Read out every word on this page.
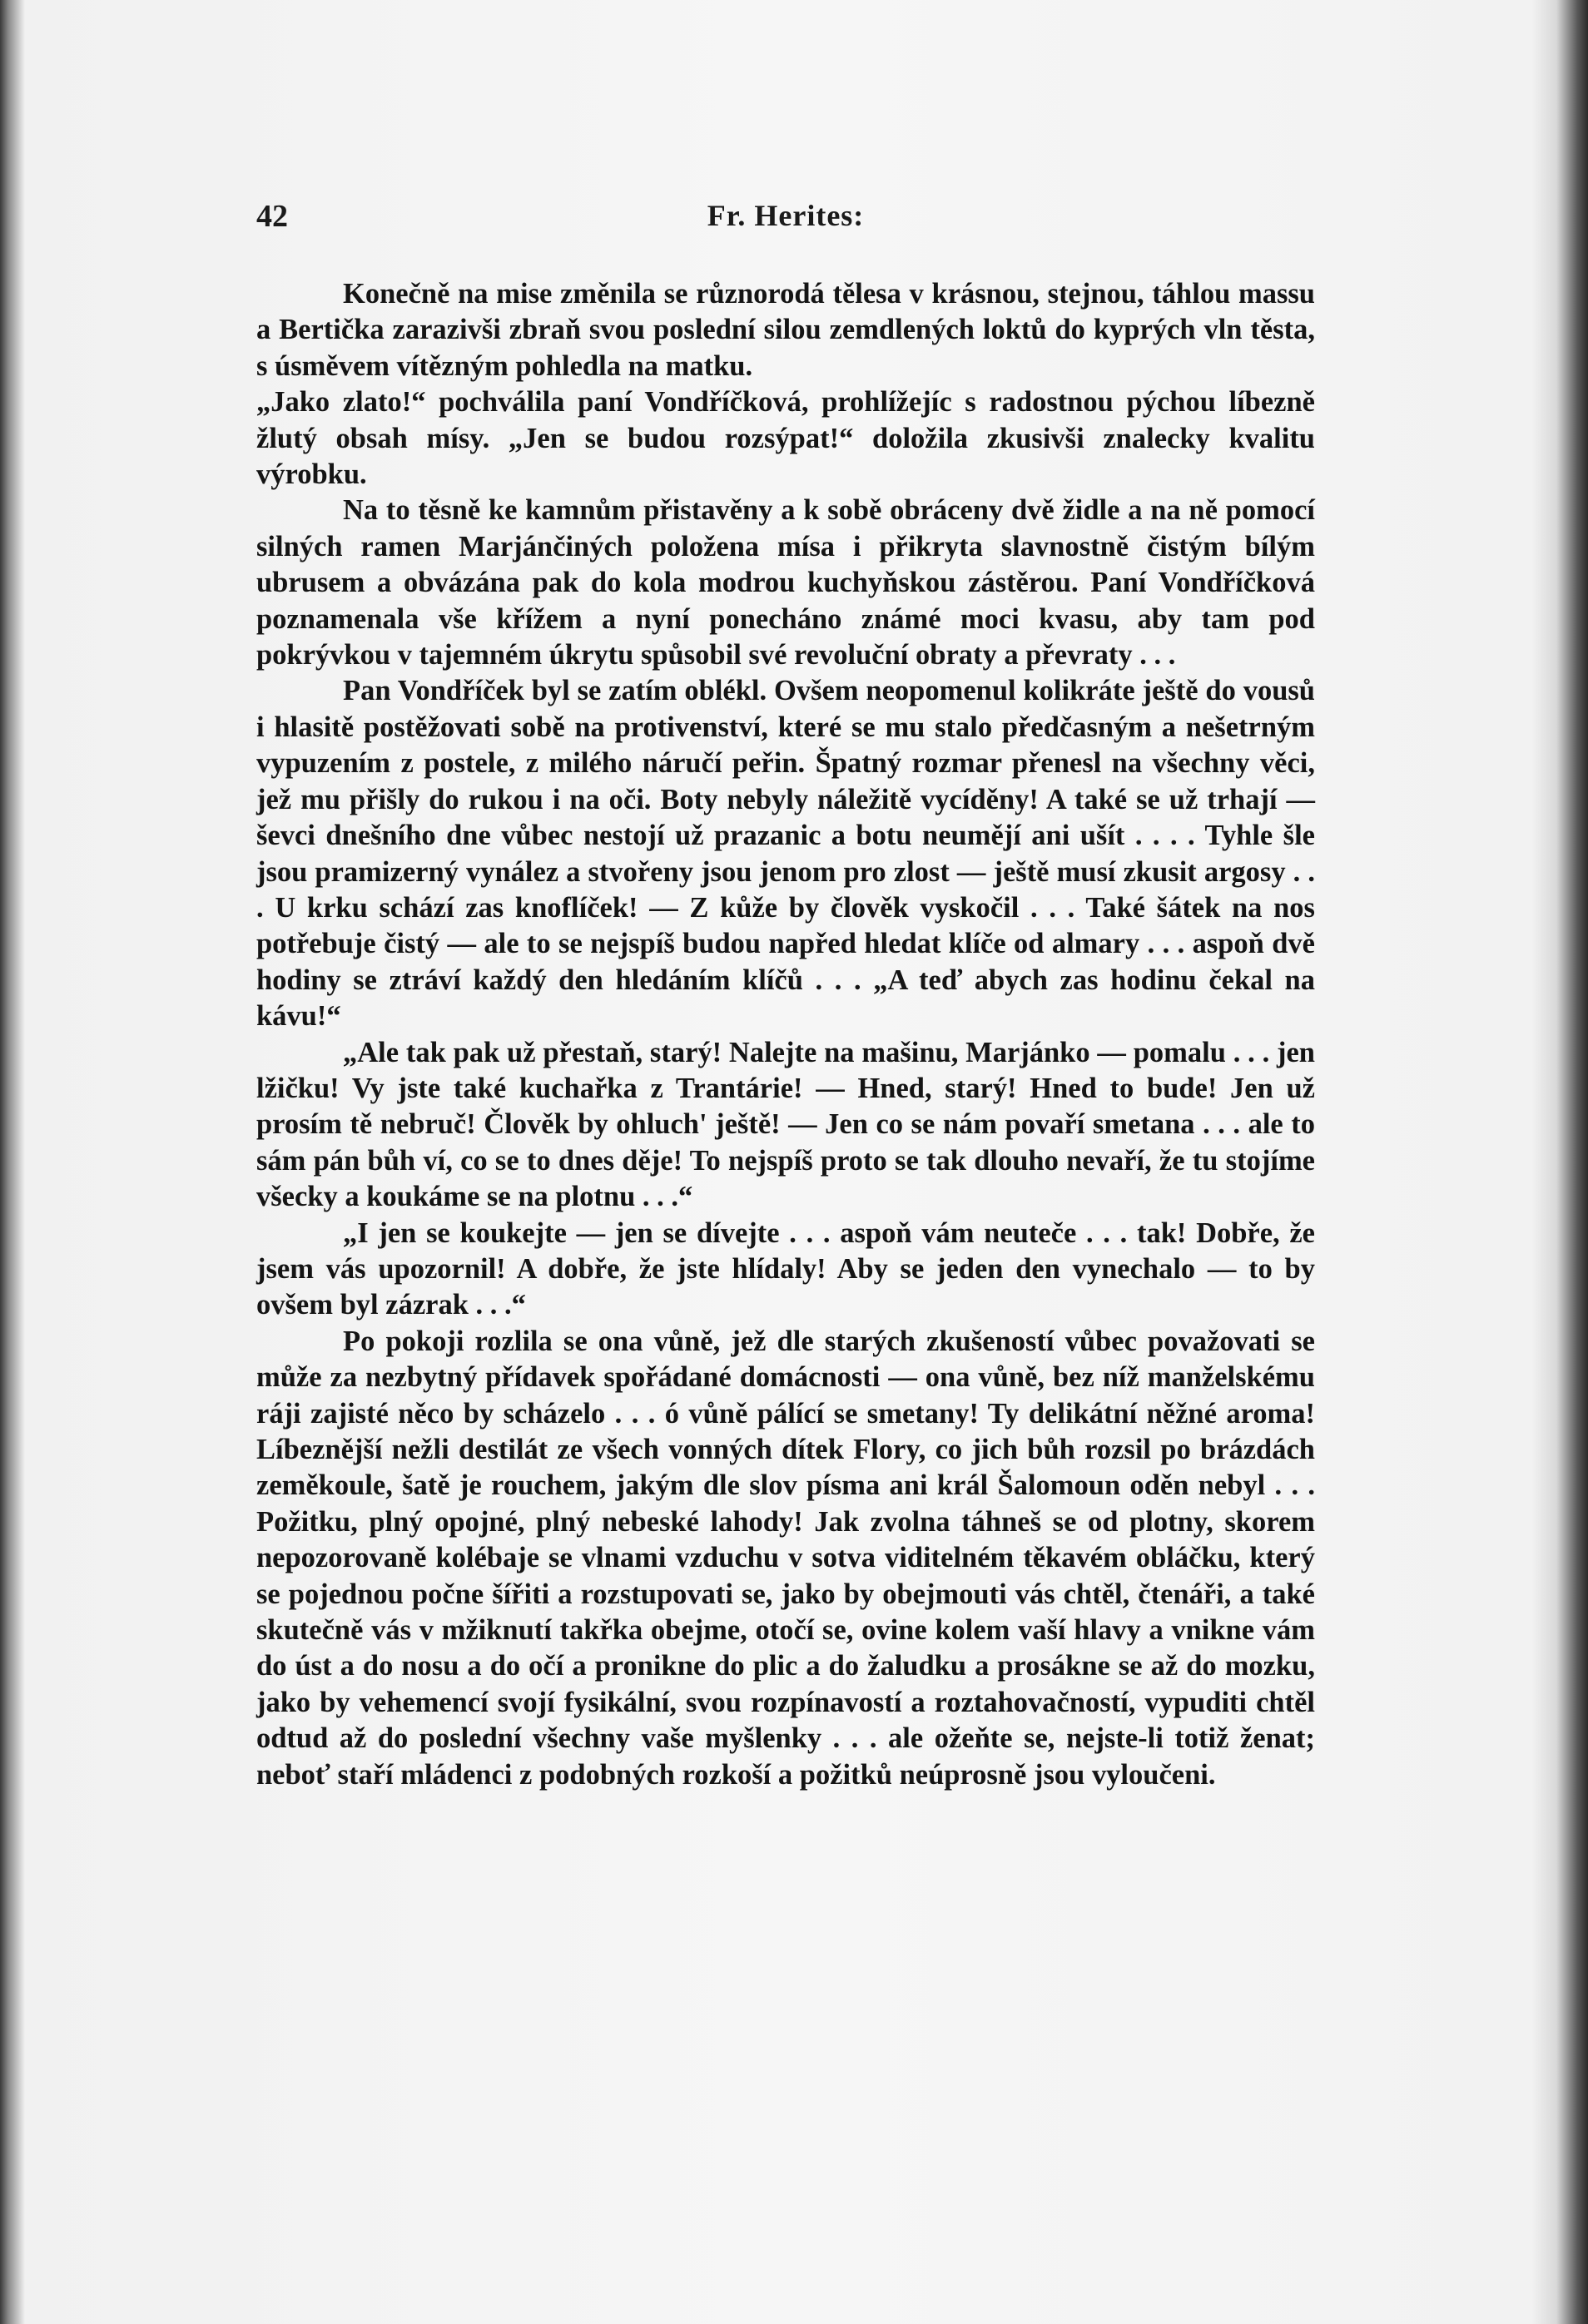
42	Fr. Herites:

Konečně na mise změnila se různorodá tělesa v krásnou, stejnou, táhlou massu a Bertička zarazivši zbraň svou poslední silou zemdlených loktů do kyprých vln těsta, s úsměvem vítězným pohledla na matku.

„Jako zlato!“ pochválila paní Vondříčková, prohlížejíc s radostnou pýchou líbezně žlutý obsah mísy. „Jen se budou rozsýpat!“ doložila zkusivši znalecky kvalitu výrobku.

Na to těsně ke kamnům přistavěny a k sobě obráceny dvě židle a na ně pomocí silných ramen Marjánčiných položena mísa i přikryta slavnostně čistým bílým ubrusem a obvázána pak do kola modrou kuchyňskou zástěrou. Paní Vondříčková poznamenala vše křížem a nyní ponecháno známé moci kvasu, aby tam pod pokrývkou v tajemném úkrytu spůsobil své revoluční obraty a převraty . . .

Pan Vondříček byl se zatím oblékl. Ovšem neopomenul kolikráte ještě do vousů i hlasitě postěžovati sobě na protivenství, které se mu stalo předčasným a nešetrným vypuzením z postele, z milého náručí peřin. Špatný rozmar přenesl na všechny věci, jež mu přišly do rukou i na oči. Boty nebyly náležitě vycíděny! A také se už trhají — ševci dnešního dne vůbec nestojí už prazanic a botu neumějí ani ušít . . . . Tyhle šle jsou pramizerný vynález a stvořeny jsou jenom pro zlost — ještě musí zkusit argosy . . . U krku schází zas knoflíček! — Z kůže by člověk vyskočil . . . Také šátek na nos potřebuje čistý — ale to se nejspíš budou napřed hledat klíče od almary . . . aspoň dvě hodiny se ztráví každý den hledáním klíčů . . . „A teď abych zas hodinu čekal na kávu!“

„Ale tak pak už přestaň, starý! Nalejte na mašinu, Marjánko — pomalu . . . jen lžičku! Vy jste také kuchařka z Trantárie! — Hned, starý! Hned to bude! Jen už prosím tě nebruč! Člověk by ohluch' ještě! — Jen co se nám povaří smetana . . . ale to sám pán bůh ví, co se to dnes děje! To nejspíš proto se tak dlouho nevaří, že tu stojíme všecky a koukáme se na plotnu . . .“

„I jen se koukejte — jen se dívejte . . . aspoň vám neuteče . . . tak! Dobře, že jsem vás upozornil! A dobře, že jste hlídaly! Aby se jeden den vynechalo — to by ovšem byl zázrak . . .“

Po pokoji rozlila se ona vůně, jež dle starých zkušeností vůbec považovati se může za nezbytný přídavek spořádané domácnosti — ona vůně, bez níž manželskému ráji zajisté něco by scházelo . . . ó vůně pálící se smetany! Ty delikátní něžné aroma! Líbeznější nežli destilát ze všech vonných dítek Flory, co jich bůh rozsil po brázdách zeměkoule, šatě je rouchem, jakým dle slov písma ani král Šalomoun oděn nebyl . . . Požitku, plný opojné, plný nebeské lahody! Jak zvolna táhneš se od plotny, skorem nepozorovaně kolébaje se vlnami vzduchu v sotva viditelném těkavém obláčku, který se pojednou počne šířiti a rozstupovati se, jako by obejmouti vás chtěl, čtenáři, a také skutečně vás v mžiknutí takřka obejme, otočí se, ovine kolem vaší hlavy a vnikne vám do úst a do nosu a do očí a pronikne do plic a do žaludku a prosákne se až do mozku, jako by vehemencí svojí fysikální, svou rozpínavostí a roztahovačností, vypuditi chtěl odtud až do poslední všechny vaše myšlenky . . . ale ožeňte se, nejste-li totiž ženat; neboť staří mládenci z podobných rozkoší a požitků neúprosně jsou vyloučeni.
